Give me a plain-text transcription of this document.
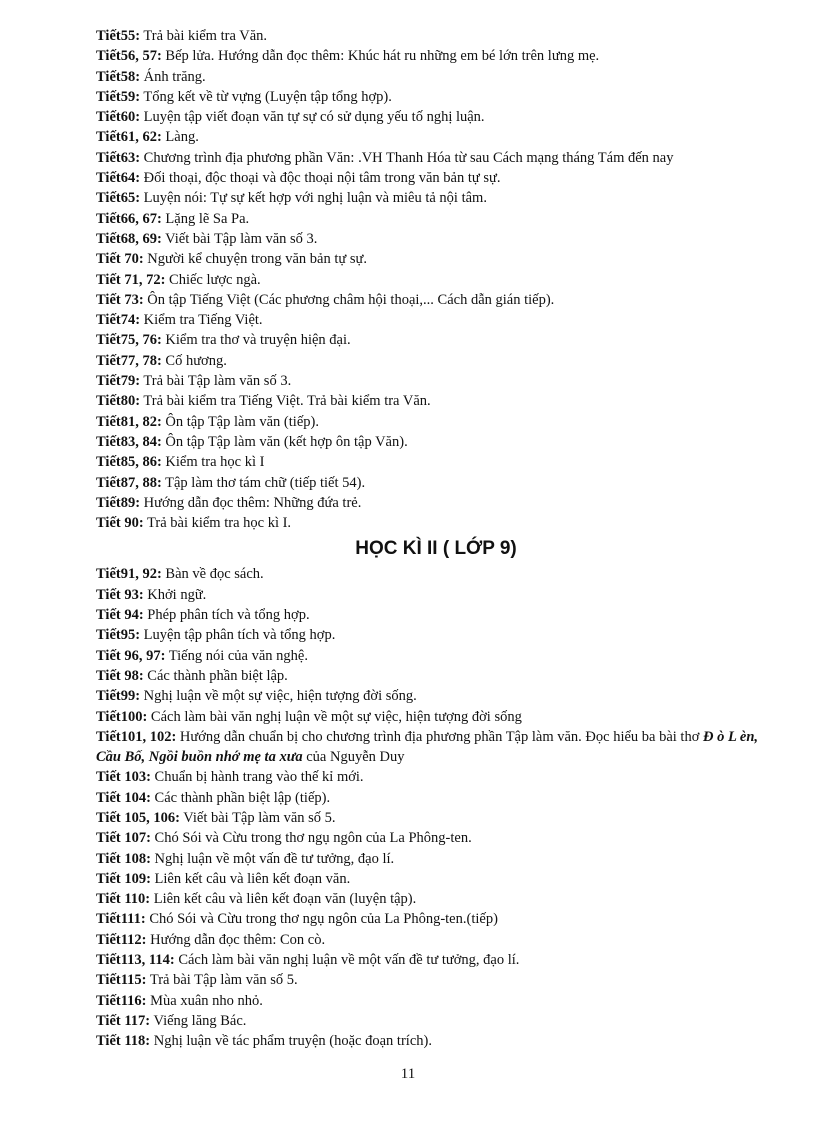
Tiết55: Trả bài kiểm tra Văn.
Tiết56, 57: Bếp lửa. Hướng dẫn đọc thêm: Khúc hát ru những em bé lớn trên lưng mẹ.
Tiết58: Ánh trăng.
Tiết59: Tổng kết về từ vựng (Luyện tập tổng hợp).
Tiết60: Luyện tập viết đoạn văn tự sự có sử dụng yếu tố nghị luận.
Tiết61, 62: Làng.
Tiết63: Chương trình địa phương phần Văn: .VH Thanh Hóa từ sau Cách mạng tháng Tám đến nay
Tiết64: Đối thoại, độc thoại và độc thoại nội tâm trong văn bản tự sự.
Tiết65: Luyện nói: Tự sự kết hợp với nghị luận và miêu tả nội tâm.
Tiết66, 67: Lặng lẽ Sa Pa.
Tiết68, 69: Viết bài Tập làm văn số 3.
Tiết 70: Người kể chuyện trong văn bản tự sự.
Tiết 71, 72: Chiếc lược ngà.
Tiết 73: Ôn tập Tiếng Việt (Các phương châm hội thoại,... Cách dẫn gián tiếp).
Tiết74: Kiểm tra Tiếng Việt.
Tiết75, 76: Kiểm tra thơ và truyện hiện đại.
Tiết77, 78: Cố hương.
Tiết79: Trả bài Tập làm văn số 3.
Tiết80: Trả bài kiểm tra Tiếng Việt. Trả bài kiểm tra Văn.
Tiết81, 82: Ôn tập Tập làm văn (tiếp).
Tiết83, 84: Ôn tập Tập làm văn (kết hợp ôn tập Văn).
Tiết85, 86: Kiểm tra học kì I
Tiết87, 88: Tập làm thơ tám chữ (tiếp tiết 54).
Tiết89: Hướng dẫn đọc thêm: Những đứa trẻ.
Tiết 90: Trả bài kiểm tra học kì I.
HỌC KÌ II ( LỚP 9)
Tiết91, 92: Bàn về đọc sách.
Tiết 93: Khởi ngữ.
Tiết 94: Phép phân tích và tổng hợp.
Tiết95: Luyện tập phân tích và tổng hợp.
Tiết 96, 97: Tiếng nói của văn nghệ.
Tiết 98: Các thành phần biệt lập.
Tiết99: Nghị luận về một sự việc, hiện tượng đời sống.
Tiết100: Cách làm bài văn nghị luận về một sự việc, hiện tượng đời sống
Tiết101, 102: Hướng dẫn chuẩn bị cho chương trình địa phương phần Tập làm văn. Đọc hiểu ba bài thơ Đ ò L èn, Cầu Bố, Ngồi buồn nhớ mẹ ta xưa của Nguyễn Duy
Tiết 103: Chuẩn bị hành trang vào thế kỉ mới.
Tiết 104: Các thành phần biệt lập (tiếp).
Tiết 105, 106: Viết bài Tập làm văn số 5.
Tiết 107: Chó Sói và Cừu trong thơ ngụ ngôn của La Phông-ten.
Tiết 108: Nghị luận về một vấn đề tư tưởng, đạo lí.
Tiết 109: Liên kết câu và liên kết đoạn văn.
Tiết 110: Liên kết câu và liên kết đoạn văn (luyện tập).
Tiết111: Chó Sói và Cừu trong thơ ngụ ngôn của La Phông-ten.(tiếp)
Tiết112: Hướng dẫn đọc thêm: Con cò.
Tiết113, 114: Cách làm bài văn nghị luận về một vấn đề tư tưởng, đạo lí.
Tiết115: Trả bài Tập làm văn số 5.
Tiết116: Mùa xuân nho nhỏ.
Tiết 117: Viếng lăng Bác.
Tiết 118: Nghị luận về tác phẩm truyện (hoặc đoạn trích).
11
